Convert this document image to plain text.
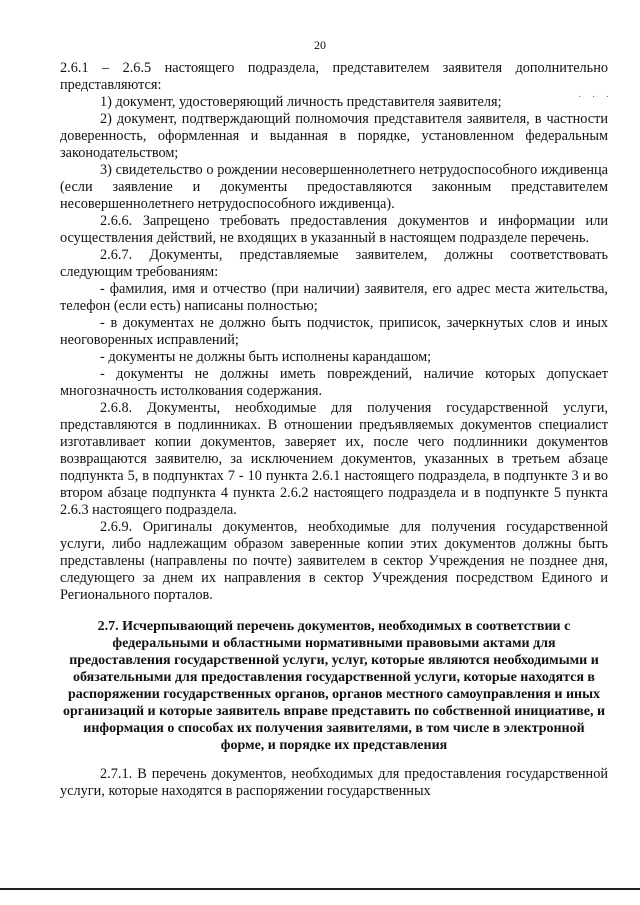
20
· · ·

2.6.1 – 2.6.5 настоящего подраздела, представителем заявителя дополнительно представляются:

1) документ, удостоверяющий личность представителя заявителя;

2) документ, подтверждающий полномочия представителя заявителя, в частности доверенность, оформленная и выданная в порядке, установленном федеральным законодательством;

3) свидетельство о рождении несовершеннолетнего нетрудоспособного иждивенца (если заявление и документы предоставляются законным представителем несовершеннолетнего нетрудоспособного иждивенца).

2.6.6. Запрещено требовать предоставления документов и информации или осуществления действий, не входящих в указанный в настоящем подразделе перечень.

2.6.7. Документы, представляемые заявителем, должны соответствовать следующим требованиям:

- фамилия, имя и отчество (при наличии) заявителя, его адрес места жительства, телефон (если есть) написаны полностью;

- в документах не должно быть подчисток, приписок, зачеркнутых слов и иных неоговоренных исправлений;

- документы не должны быть исполнены карандашом;

- документы не должны иметь повреждений, наличие которых допускает многозначность истолкования содержания.

2.6.8. Документы, необходимые для получения государственной услуги, представляются в подлинниках. В отношении предъявляемых документов специалист изготавливает копии документов, заверяет их, после чего подлинники документов возвращаются заявителю, за исключением документов, указанных в третьем абзаце подпункта 5, в подпунктах 7 - 10 пункта 2.6.1 настоящего подраздела, в подпункте 3 и во втором абзаце подпункта 4 пункта 2.6.2 настоящего подраздела и в подпункте 5 пункта 2.6.3 настоящего подраздела.

2.6.9. Оригиналы документов, необходимые для получения государственной услуги, либо надлежащим образом заверенные копии этих документов должны быть представлены (направлены по почте) заявителем в сектор Учреждения не позднее дня, следующего за днем их направления в сектор Учреждения посредством Единого и Регионального порталов.

2.7. Исчерпывающий перечень документов, необходимых в соответствии с федеральными и областными нормативными правовыми актами для предоставления государственной услуги, услуг, которые являются необходимыми и обязательными для предоставления государственной услуги, которые находятся в распоряжении государственных органов, органов местного самоуправления и иных организаций и которые заявитель вправе представить по собственной инициативе, и информация о способах их получения заявителями, в том числе в электронной форме, и порядке их представления

2.7.1. В перечень документов, необходимых для предоставления государственной услуги, которые находятся в распоряжении государственных
